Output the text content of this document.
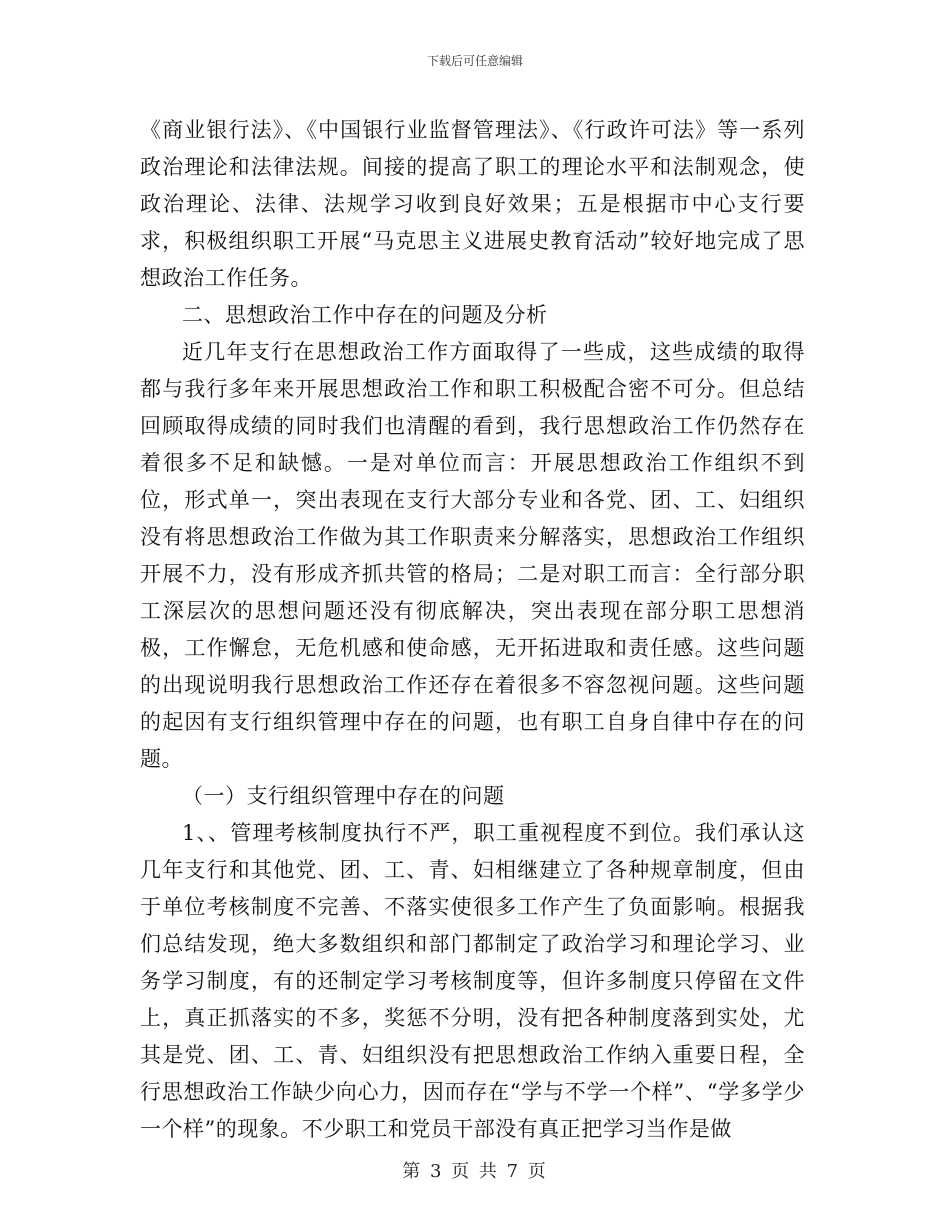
下载后可任意编辑

《商业银行法》、《中国银行业监督管理法》、《行政许可法》等一系列政治理论和法律法规。间接的提高了职工的理论水平和法制观念，使政治理论、法律、法规学习收到良好效果；五是根据市中心支行要求，积极组织职工开展“马克思主义进展史教育活动”较好地完成了思想政治工作任务。

二、思想政治工作中存在的问题及分析

近几年支行在思想政治工作方面取得了一些成，这些成绩的取得都与我行多年来开展思想政治工作和职工积极配合密不可分。但总结回顾取得成绩的同时我们也清醒的看到，我行思想政治工作仍然存在着很多不足和缺憾。一是对单位而言：开展思想政治工作组织不到位，形式单一，突出表现在支行大部分专业和各党、团、工、妇组织没有将思想政治工作做为其工作职责来分解落实，思想政治工作组织开展不力，没有形成齐抓共管的格局；二是对职工而言：全行部分职工深层次的思想问题还没有彻底解决，突出表现在部分职工思想消极，工作懈怠，无危机感和使命感，无开拓进取和责任感。这些问题的出现说明我行思想政治工作还存在着很多不容忽视问题。这些问题的起因有支行组织管理中存在的问题，也有职工自身自律中存在的问题。

（一）支行组织管理中存在的问题

1、、管理考核制度执行不严，职工重视程度不到位。我们承认这几年支行和其他党、团、工、青、妇相继建立了各种规章制度，但由于单位考核制度不完善、不落实使很多工作产生了负面影响。根据我们总结发现，绝大多数组织和部门都制定了政治学习和理论学习、业务学习制度，有的还制定学习考核制度等，但许多制度只停留在文件上，真正抓落实的不多，奖惩不分明，没有把各种制度落到实处，尤其是党、团、工、青、妇组织没有把思想政治工作纳入重要日程，全行思想政治工作缺少向心力，因而存在“学与不学一个样”、“学多学少一个样”的现象。不少职工和党员干部没有真正把学习当作是做

第 3 页 共 7 页
